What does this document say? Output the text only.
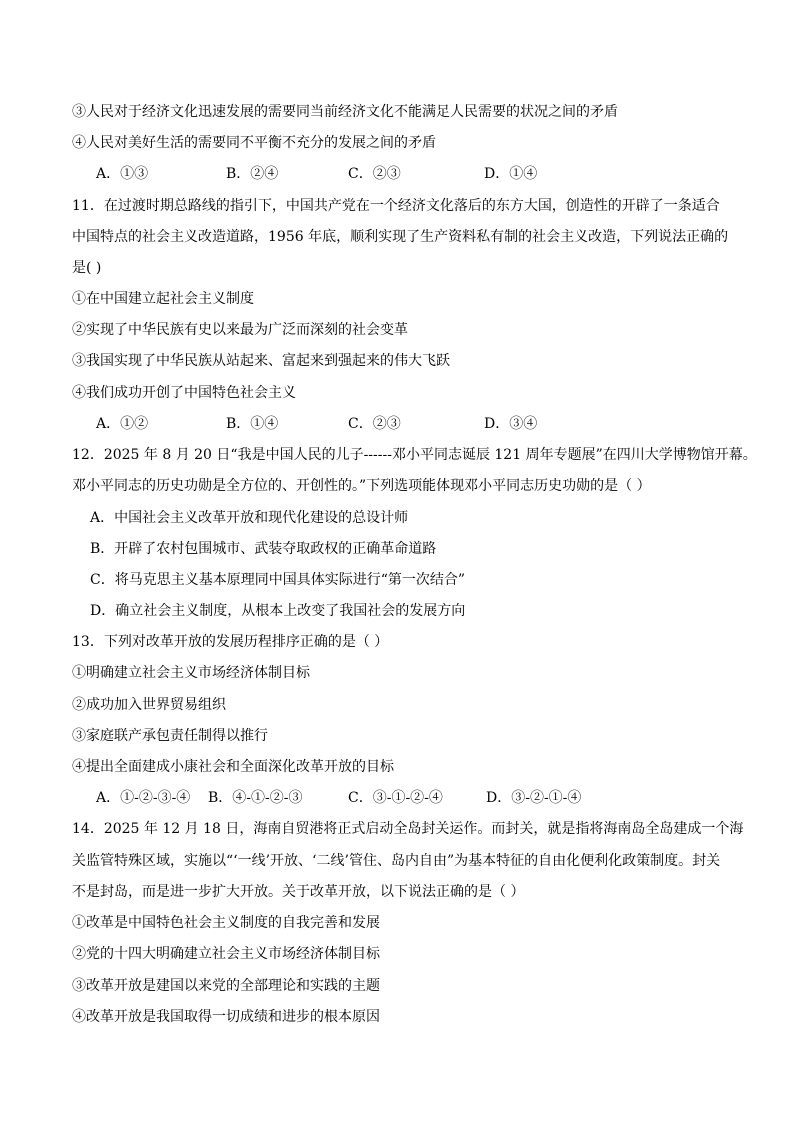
③人民对于经济文化迅速发展的需要同当前经济文化不能满足人民需要的状况之间的矛盾
④人民对美好生活的需要同不平衡不充分的发展之间的矛盾
A．①③	B．②④	C．②③	D．①④
11．在过渡时期总路线的指引下，中国共产党在一个经济文化落后的东方大国，创造性的开辟了一条适合
中国特点的社会主义改造道路，1956 年底，顺利实现了生产资料私有制的社会主义改造，下列说法正确的
是( )
①在中国建立起社会主义制度
②实现了中华民族有史以来最为广泛而深刻的社会变革
③我国实现了中华民族从站起来、富起来到强起来的伟大飞跃
④我们成功开创了中国特色社会主义
A．①②	B．①④	C．②③	D．③④
12．2025 年 8 月 20 日“我是中国人民的儿子------邓小平同志诞辰 121 周年专题展”在四川大学博物馆开幕。
邓小平同志的历史功勋是全方位的、开创性的。”下列选项能体现邓小平同志历史功勋的是（ ）
A．中国社会主义改革开放和现代化建设的总设计师
B．开辟了农村包围城市、武装夺取政权的正确革命道路
C．将马克思主义基本原理同中国具体实际进行“第一次结合”
D．确立社会主义制度，从根本上改变了我国社会的发展方向
13．下列对改革开放的发展历程排序正确的是（ ）
①明确建立社会主义市场经济体制目标
②成功加入世界贸易组织
③家庭联产承包责任制得以推行
④提出全面建成小康社会和全面深化改革开放的目标
A．①-②-③-④ B．④-①-②-③	C．③-①-②-④	D．③-②-①-④
14．2025 年 12 月 18 日，海南自贸港将正式启动全岛封关运作。而封关，就是指将海南岛全岛建成一个海
关监管特殊区域，实施以“‘一线’开放、‘二线’管住、岛内自由”为基本特征的自由化便利化政策制度。封关
不是封岛，而是进一步扩大开放。关于改革开放，以下说法正确的是（ ）
①改革是中国特色社会主义制度的自我完善和发展
②党的十四大明确建立社会主义市场经济体制目标
③改革开放是建国以来党的全部理论和实践的主题
④改革开放是我国取得一切成绩和进步的根本原因
